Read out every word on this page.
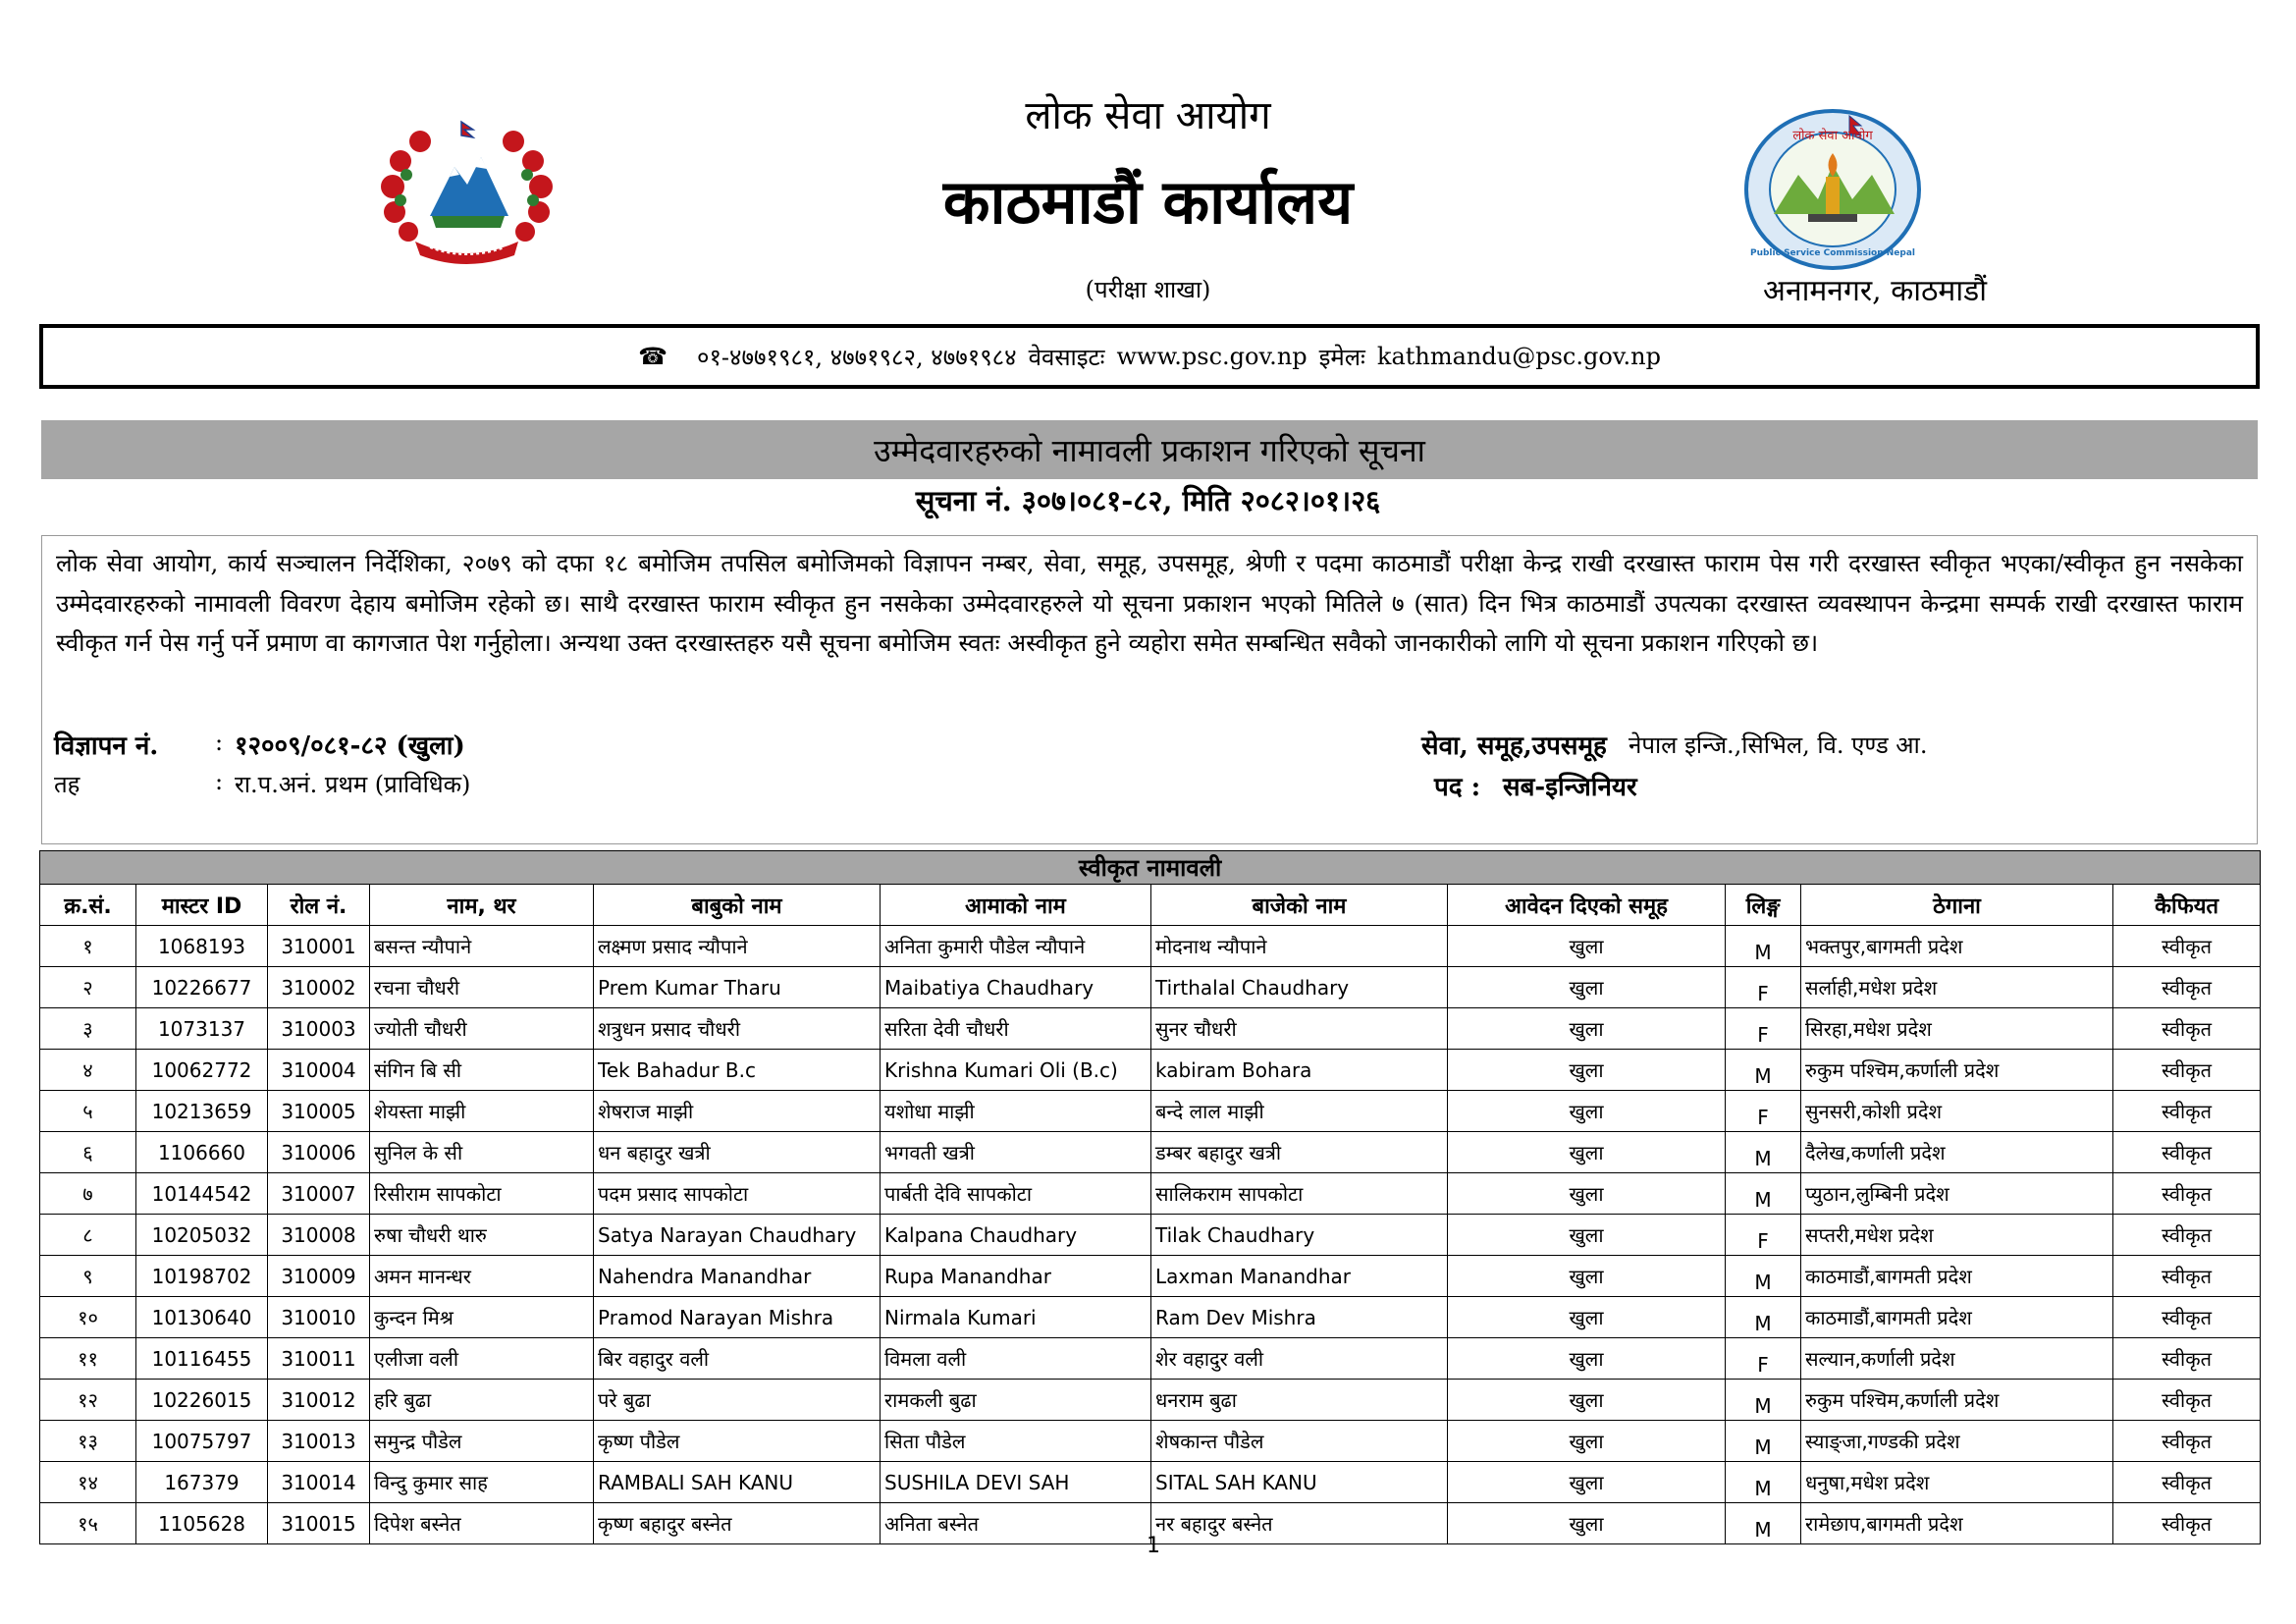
लोक सेवा आयोग
Public Service Commission Nepal
लोक सेवा आयोग
काठमाडौं कार्यालय
(परीक्षा शाखा)	अनामनगर, काठमाडौं
☎ ०१-४७७१९८१, ४७७१९८२, ४७७१९८४ वेवसाइटः www.psc.gov.np इमेलः kathmandu@psc.gov.np
उम्मेदवारहरुको नामावली प्रकाशन गरिएको सूचना
सूचना नं. ३०७।०८१-८२, मिति २०८२।०१।२६

लोक सेवा आयोग, कार्य सञ्चालन निर्देशिका, २०७९ को दफा १८ बमोजिम तपसिल बमोजिमको विज्ञापन नम्बर, सेवा, समूह, उपसमूह, श्रेणी र पदमा काठमाडौं परीक्षा केन्द्र राखी दरखास्त फाराम पेस गरी दरखास्त स्वीकृत भएका/स्वीकृत हुन नसकेका उम्मेदवारहरुको नामावली विवरण देहाय बमोजिम रहेको छ। साथै दरखास्त फाराम स्वीकृत हुन नसकेका उम्मेदवारहरुले यो सूचना प्रकाशन भएको मितिले ७ (सात) दिन भित्र काठमाडौं उपत्यका दरखास्त व्यवस्थापन केन्द्रमा सम्पर्क राखी दरखास्त फाराम स्वीकृत गर्न पेस गर्नु पर्ने प्रमाण वा कागजात पेश गर्नुहोला। अन्यथा उक्त दरखास्तहरु यसै सूचना बमोजिम स्वतः अस्वीकृत हुने व्यहोरा समेत सम्बन्धित सवैको जानकारीको लागि यो सूचना प्रकाशन गरिएको छ।

विज्ञापन नं. : १२००९/०८१-८२ (खुला)
तह	: रा.प.अनं. प्रथम (प्राविधिक)
सेवा, समूह,उपसमूह नेपाल इन्जि.,सिभिल, वि. एण्ड आ.
पद : सब-इन्जिनियर
स्वीकृत नामावली										
क्र.सं.	मास्टर ID	रोल नं.	नाम, थर	बाबुको नाम	आमाको नाम	बाजेको नाम	आवेदन दिएको समूह	लिङ्ग	ठेगाना	कैफियत
१	1068193	310001	बसन्त न्यौपाने	लक्ष्मण प्रसाद न्यौपाने	अनिता कुमारी पौडेल न्यौपाने	मोदनाथ न्यौपाने	खुला	M	भक्तपुर,बागमती प्रदेश	स्वीकृत
२	10226677	310002	रचना चौधरी	Prem Kumar Tharu	Maibatiya Chaudhary	Tirthalal Chaudhary	खुला	F	सर्लाही,मधेश प्रदेश	स्वीकृत
३	1073137	310003	ज्योती चौधरी	शत्रुधन प्रसाद चौधरी	सरिता देवी चौधरी	सुनर चौधरी	खुला	F	सिरहा,मधेश प्रदेश	स्वीकृत
४	10062772	310004	संगिन बि सी	Tek Bahadur B.c	Krishna Kumari Oli (B.c)	kabiram Bohara	खुला	M	रुकुम पश्चिम,कर्णाली प्रदेश	स्वीकृत
५	10213659	310005	शेयस्ता माझी	शेषराज माझी	यशोधा माझी	बन्दे लाल माझी	खुला	F	सुनसरी,कोशी प्रदेश	स्वीकृत
६	1106660	310006	सुनिल के सी	धन बहादुर खत्री	भगवती खत्री	डम्बर बहादुर खत्री	खुला	M	दैलेख,कर्णाली प्रदेश	स्वीकृत
७	10144542	310007	रिसीराम सापकोटा	पदम प्रसाद सापकोटा	पार्बती देवि सापकोटा	सालिकराम सापकोटा	खुला	M	प्युठान,लुम्बिनी प्रदेश	स्वीकृत
८	10205032	310008	रुषा चौधरी थारु	Satya Narayan Chaudhary	Kalpana Chaudhary	Tilak Chaudhary	खुला	F	सप्तरी,मधेश प्रदेश	स्वीकृत
९	10198702	310009	अमन मानन्धर	Nahendra Manandhar	Rupa Manandhar	Laxman Manandhar	खुला	M	काठमाडौं,बागमती प्रदेश	स्वीकृत
१०	10130640	310010	कुन्दन मिश्र	Pramod Narayan Mishra	Nirmala Kumari	Ram Dev Mishra	खुला	M	काठमाडौं,बागमती प्रदेश	स्वीकृत
११	10116455	310011	एलीजा वली	बिर वहादुर वली	विमला वली	शेर वहादुर वली	खुला	F	सल्यान,कर्णाली प्रदेश	स्वीकृत
१२	10226015	310012	हरि बुढा	परे बुढा	रामकली बुढा	धनराम बुढा	खुला	M	रुकुम पश्चिम,कर्णाली प्रदेश	स्वीकृत
१३	10075797	310013	समुन्द्र पौडेल	कृष्ण पौडेल	सिता पौडेल	शेषकान्त पौडेल	खुला	M	स्याङ्जा,गण्डकी प्रदेश	स्वीकृत
१४	167379	310014	विन्दु कुमार साह	RAMBALI SAH KANU	SUSHILA DEVI SAH	SITAL SAH KANU	खुला	M	धनुषा,मधेश प्रदेश	स्वीकृत
१५	1105628	310015	दिपेश बस्नेत	कृष्ण बहादुर बस्नेत	अनिता बस्नेत	नर बहादुर बस्नेत	खुला	M	रामेछाप,बागमती प्रदेश	स्वीकृत
1
